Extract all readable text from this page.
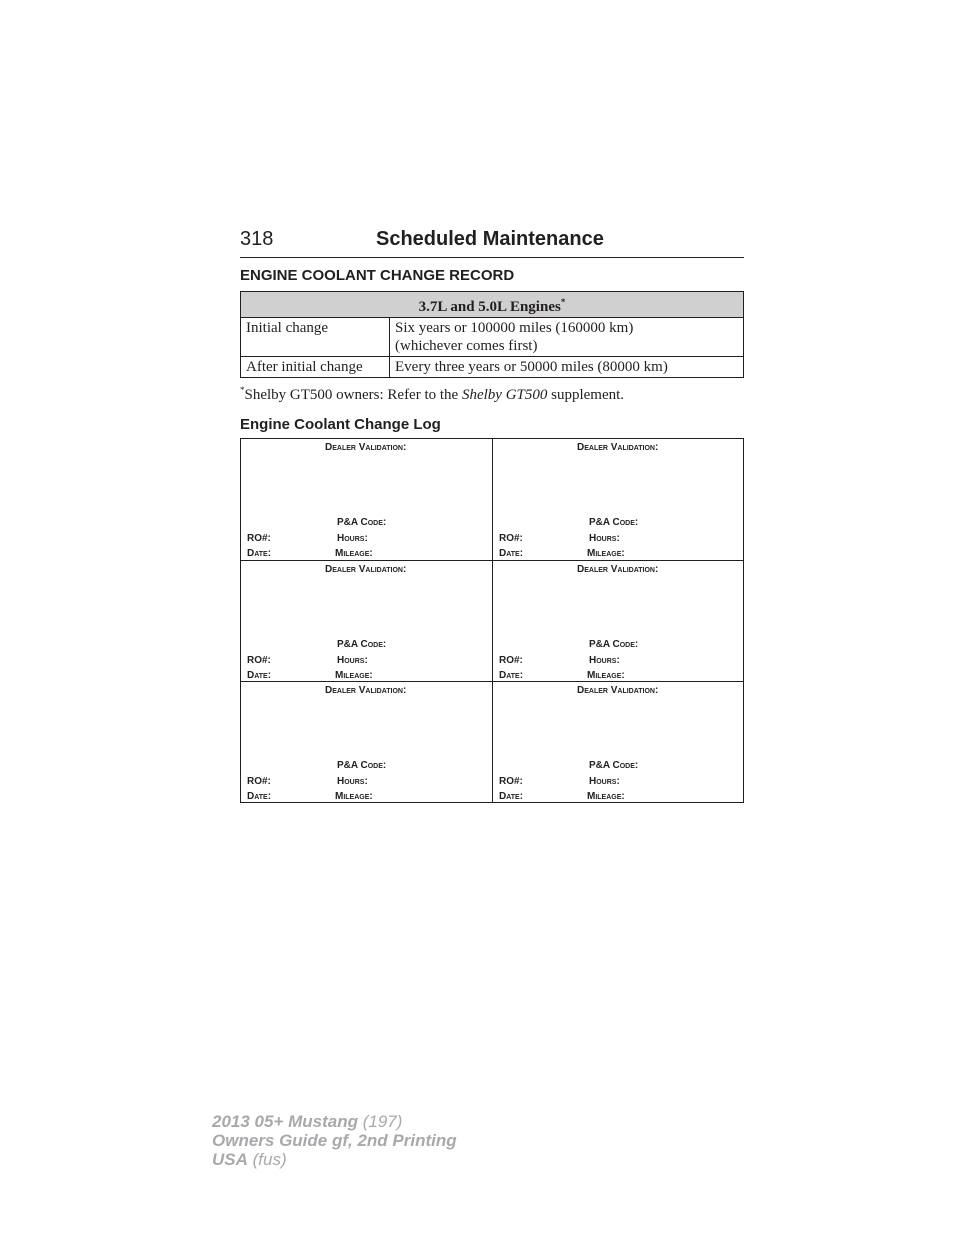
318	Scheduled Maintenance
ENGINE COOLANT CHANGE RECORD
3.7L and 5.0L Engines*
Initial change	Six years or 100000 miles (160000 km)
(whichever comes first)

After initial change	Every three years or 50000 miles (80000 km)
*Shelby GT500 owners: Refer to the Shelby GT500 supplement.
Engine Coolant Change Log
Dealer Validation:
P&A Code:
RO#:	Hours:
Date:	Mileage:
Dealer Validation:
P&A Code:
RO#:	Hours:
Date:	Mileage:
Dealer Validation:
P&A Code:
RO#:	Hours:
Date:	Mileage:
Dealer Validation:
P&A Code:
RO#:	Hours:
Date:	Mileage:
Dealer Validation:
P&A Code:
RO#:	Hours:
Date:	Mileage:
Dealer Validation:
P&A Code:
RO#:	Hours:
Date:	Mileage:
2013 05+ Mustang (197)
Owners Guide gf, 2nd Printing
USA (fus)
